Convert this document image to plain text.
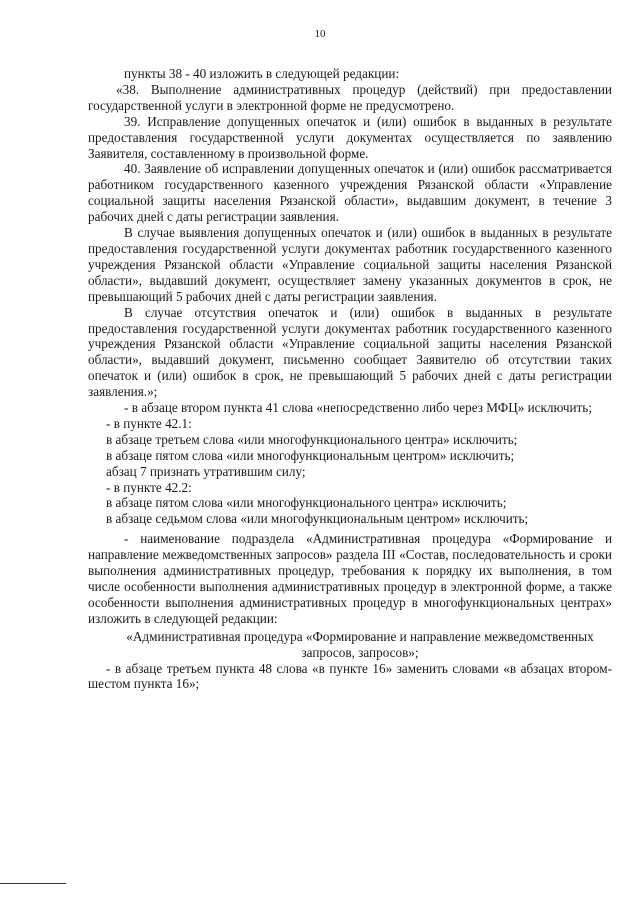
10

пункты 38 - 40 изложить в следующей редакции:

«38. Выполнение административных процедур (действий) при предоставлении государственной услуги в электронной форме не предусмотрено.

39. Исправление допущенных опечаток и (или) ошибок в выданных в результате предоставления государственной услуги документах осуществляется по заявлению Заявителя, составленному в произвольной форме.

40. Заявление об исправлении допущенных опечаток и (или) ошибок рассматривается работником государственного казенного учреждения Рязанской области «Управление социальной защиты населения Рязанской области», выдавшим документ, в течение 3 рабочих дней с даты регистрации заявления.

В случае выявления допущенных опечаток и (или) ошибок в выданных в результате предоставления государственной услуги документах работник государственного казенного учреждения Рязанской области «Управление социальной защиты населения Рязанской области», выдавший документ, осуществляет замену указанных документов в срок, не превышающий 5 рабочих дней с даты регистрации заявления.

В случае отсутствия опечаток и (или) ошибок в выданных в результате предоставления государственной услуги документах работник государственного казенного учреждения Рязанской области «Управление социальной защиты населения Рязанской области», выдавший документ, письменно сообщает Заявителю об отсутствии таких опечаток и (или) ошибок в срок, не превышающий 5 рабочих дней с даты регистрации заявления.»;

- в абзаце втором пункта 41 слова «непосредственно либо через МФЦ» исключить;

- в пункте 42.1:

в абзаце третьем слова «или многофункционального центра» исключить;

в абзаце пятом слова «или многофункциональным центром» исключить;

абзац 7 признать утратившим силу;

- в пункте 42.2:

в абзаце пятом слова «или многофункционального центра» исключить;

в абзаце седьмом слова «или многофункциональным центром» исключить;

- наименование подраздела «Административная процедура «Формирование и направление межведомственных запросов» раздела III «Состав, последовательность и сроки выполнения административных процедур, требования к порядку их выполнения, в том числе особенности выполнения административных процедур в электронной форме, а также особенности выполнения административных процедур в многофункциональных центрах» изложить в следующей редакции:

«Административная процедура «Формирование и направление межведомственных запросов, запросов»;

- в абзаце третьем пункта 48 слова «в пункте 16» заменить словами «в абзацах втором-шестом пункта 16»;
